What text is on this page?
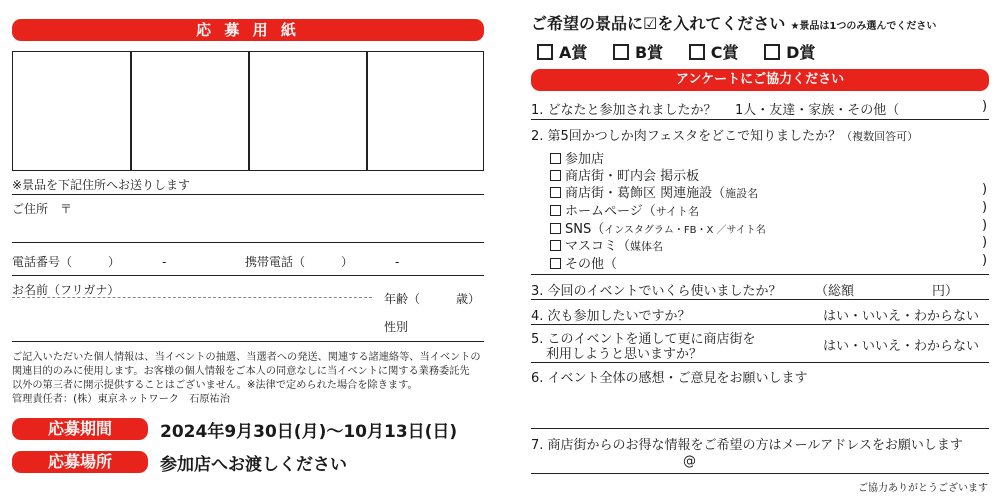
応 募 用 紙
※景品を下記住所へお送りします
ご住所　〒
電話番号（　　　）　　　　-	携帯電話（　　　）　　　　-
お名前（フリガナ）
年齢（　　　歳）
性別
ご記入いただいた個人情報は、当イベントの抽選、当選者への発送、関連する諸連絡等、当イベントの
関連目的のみに使用します。お客様の個人情報をご本人の同意なしに当イベントに関する業務委託先
以外の第三者に開示提供することはございません。※法律で定められた場合を除きます。
管理責任者：(株）東京ネットワーク　石原祐治
応募期間	2024年9月30日(月)～10月13日(日)
応募場所	参加店へお渡しください
ご希望の景品に☑を入れてください ★景品は1つのみ選んでください
A賞	B賞	C賞	D賞
アンケートにご協力ください
1. どなたと参加されましたか？ 1人・友達・家族・その他（	)
2. 第5回かつしか肉フェスタをどこで知りましたか？（複数回答可）
参加店
商店街・町内会 掲示板
商店街・葛飾区 関連施設（施設名	)
ホームページ（サイト名	)
SNS（インスタグラム・FB・X ／サイト名	)
マスコミ（媒体名	)
その他（	)
3. 今回のイベントでいくら使いましたか？	（総額　　　　　　円）
4. 次も参加したいですか？	はい・いいえ・わからない
5. このイベントを通して更に商店街を
利用しようと思いますか？
はい・いいえ・わからない
6. イベント全体の感想・ご意見をお願いします
7. 商店街からのお得な情報をご希望の方はメールアドレスをお願いします
@
ご協力ありがとうございます
